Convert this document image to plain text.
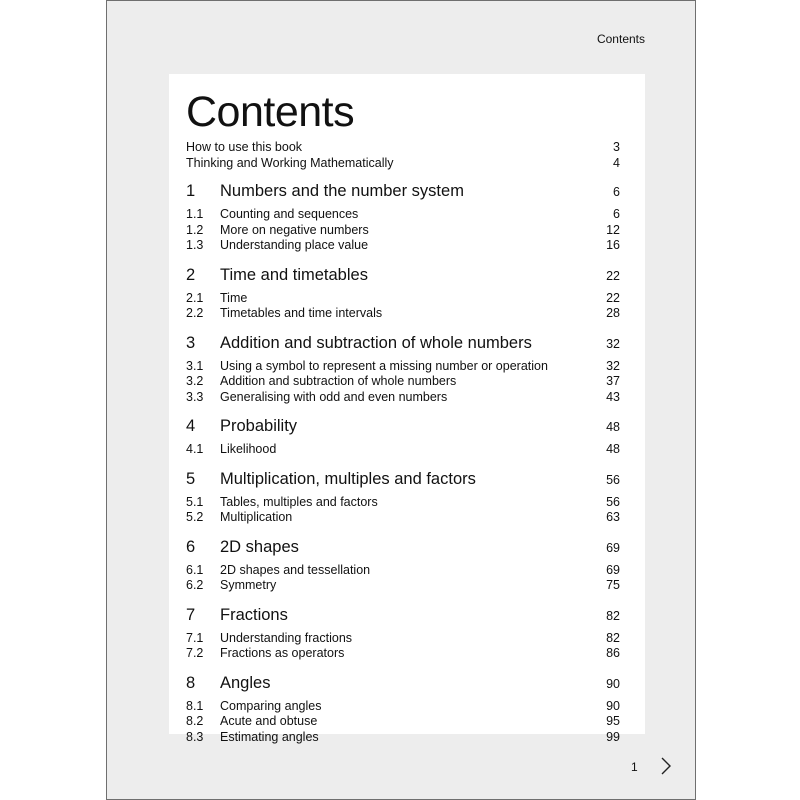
Contents
Contents
How to use this book	3
Thinking and Working Mathematically	4
1	Numbers and the number system	6
1.1	Counting and sequences	6
1.2	More on negative numbers	12
1.3	Understanding place value	16
2	Time and timetables	22
2.1	Time	22
2.2	Timetables and time intervals	28
3	Addition and subtraction of whole numbers	32
3.1	Using a symbol to represent a missing number or operation	32
3.2	Addition and subtraction of whole numbers	37
3.3	Generalising with odd and even numbers	43
4	Probability	48
4.1	Likelihood	48
5	Multiplication, multiples and factors	56
5.1	Tables, multiples and factors	56
5.2	Multiplication	63
6	2D shapes	69
6.1	2D shapes and tessellation	69
6.2	Symmetry	75
7	Fractions	82
7.1	Understanding fractions	82
7.2	Fractions as operators	86
8	Angles	90
8.1	Comparing angles	90
8.2	Acute and obtuse	95
8.3	Estimating angles	99
1
